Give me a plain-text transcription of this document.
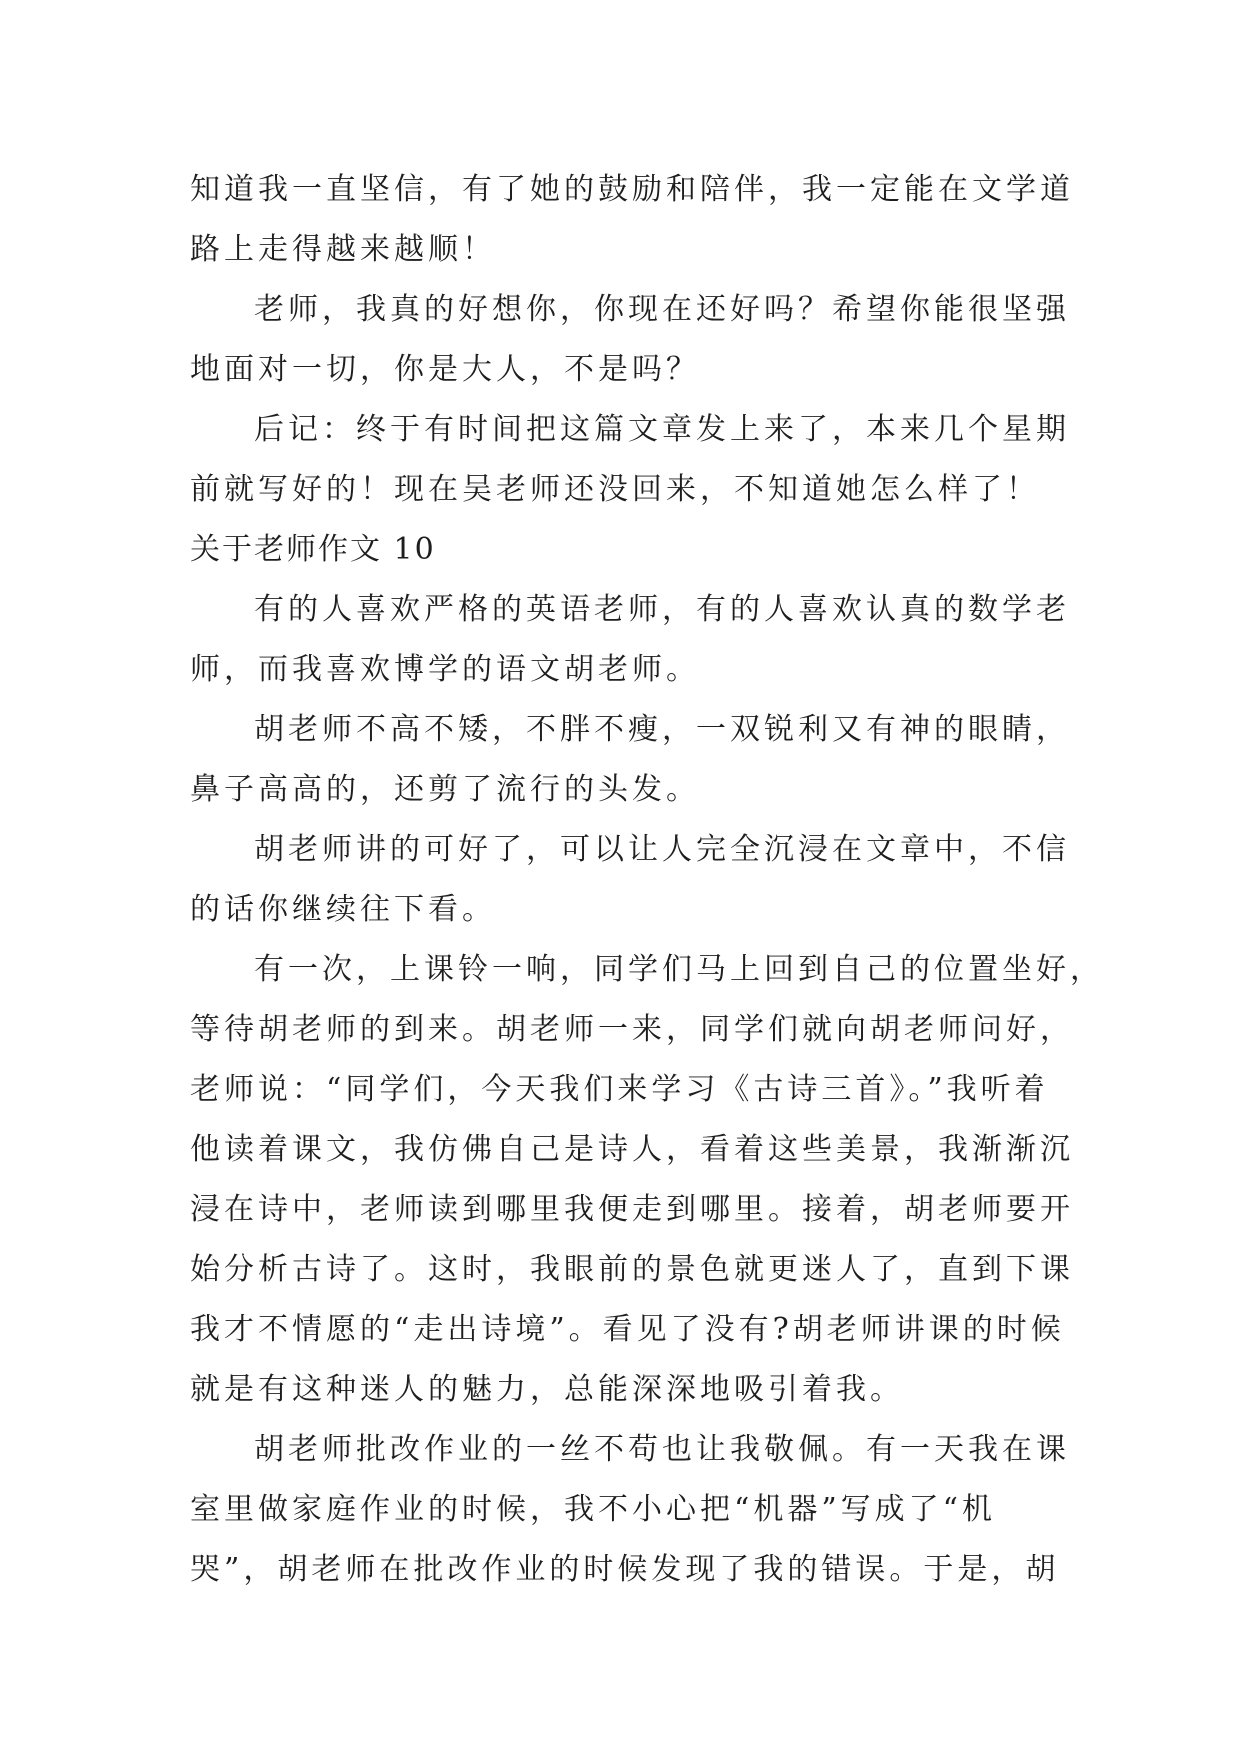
知道我一直坚信，有了她的鼓励和陪伴，我一定能在文学道
路上走得越来越顺！
老师，我真的好想你，你现在还好吗？希望你能很坚强
地面对一切，你是大人，不是吗？
后记：终于有时间把这篇文章发上来了，本来几个星期
前就写好的！现在吴老师还没回来，不知道她怎么样了！
关于老师作文 10
有的人喜欢严格的英语老师，有的人喜欢认真的数学老
师，而我喜欢博学的语文胡老师。
胡老师不高不矮，不胖不瘦，一双锐利又有神的眼睛，
鼻子高高的，还剪了流行的头发。
胡老师讲的可好了，可以让人完全沉浸在文章中，不信
的话你继续往下看。
有一次，上课铃一响，同学们马上回到自己的位置坐好，
等待胡老师的到来。胡老师一来，同学们就向胡老师问好，
老师说：“同学们，今天我们来学习《古诗三首》。”我听着
他读着课文，我仿佛自己是诗人，看着这些美景，我渐渐沉
浸在诗中，老师读到哪里我便走到哪里。接着，胡老师要开
始分析古诗了。这时，我眼前的景色就更迷人了，直到下课
我才不情愿的“走出诗境”。看见了没有?胡老师讲课的时候
就是有这种迷人的魅力，总能深深地吸引着我。
胡老师批改作业的一丝不苟也让我敬佩。有一天我在课
室里做家庭作业的时候，我不小心把“机器”写成了“机
哭”，胡老师在批改作业的时候发现了我的错误。于是，胡
